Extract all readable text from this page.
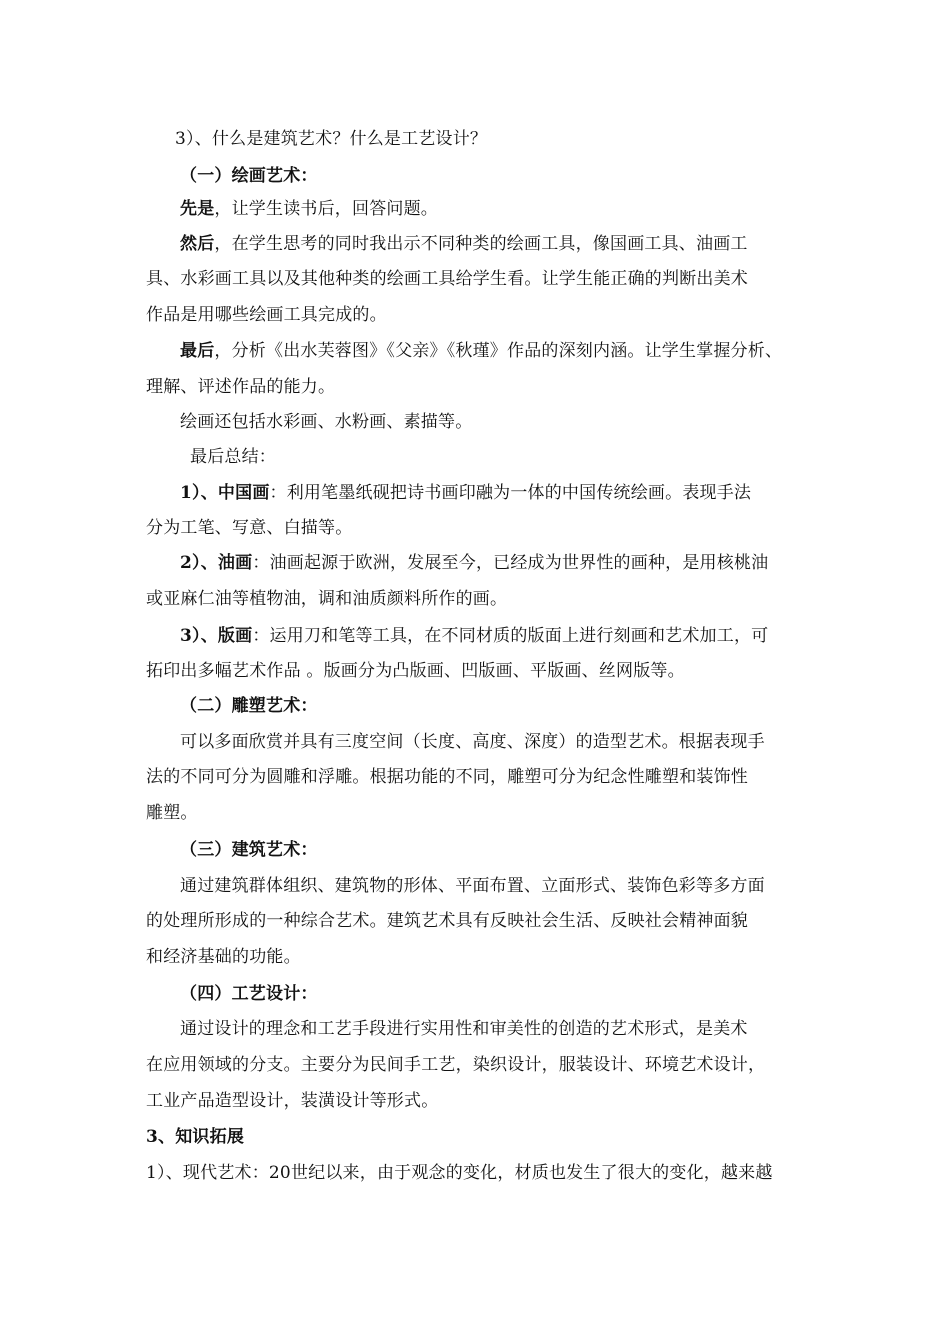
3）、什么是建筑艺术？什么是工艺设计？
（一）绘画艺术：
先是，让学生读书后，回答问题。
然后，在学生思考的同时我出示不同种类的绘画工具，像国画工具、油画工
具、水彩画工具以及其他种类的绘画工具给学生看。让学生能正确的判断出美术
作品是用哪些绘画工具完成的。
最后，分析《出水芙蓉图》《父亲》《秋瑾》作品的深刻内涵。让学生掌握分析、
理解、评述作品的能力。
绘画还包括水彩画、水粉画、素描等。
最后总结：
1）、中国画：利用笔墨纸砚把诗书画印融为一体的中国传统绘画。表现手法
分为工笔、写意、白描等。
2）、油画：油画起源于欧洲，发展至今，已经成为世界性的画种，是用核桃油
或亚麻仁油等植物油，调和油质颜料所作的画。
3）、版画：运用刀和笔等工具，在不同材质的版面上进行刻画和艺术加工，可
拓印出多幅艺术作品 。版画分为凸版画、凹版画、平版画、丝网版等。
（二）雕塑艺术：
可以多面欣赏并具有三度空间（长度、高度、深度）的造型艺术。根据表现手
法的不同可分为圆雕和浮雕。根据功能的不同，雕塑可分为纪念性雕塑和装饰性
雕塑。
（三）建筑艺术：
通过建筑群体组织、建筑物的形体、平面布置、立面形式、装饰色彩等多方面
的处理所形成的一种综合艺术。建筑艺术具有反映社会生活、反映社会精神面貌
和经济基础的功能。
（四）工艺设计：
通过设计的理念和工艺手段进行实用性和审美性的创造的艺术形式，是美术
在应用领域的分支。主要分为民间手工艺，染织设计，服装设计、环境艺术设计，
工业产品造型设计，装潢设计等形式。
3、知识拓展
1）、现代艺术：20世纪以来，由于观念的变化，材质也发生了很大的变化，越来越
